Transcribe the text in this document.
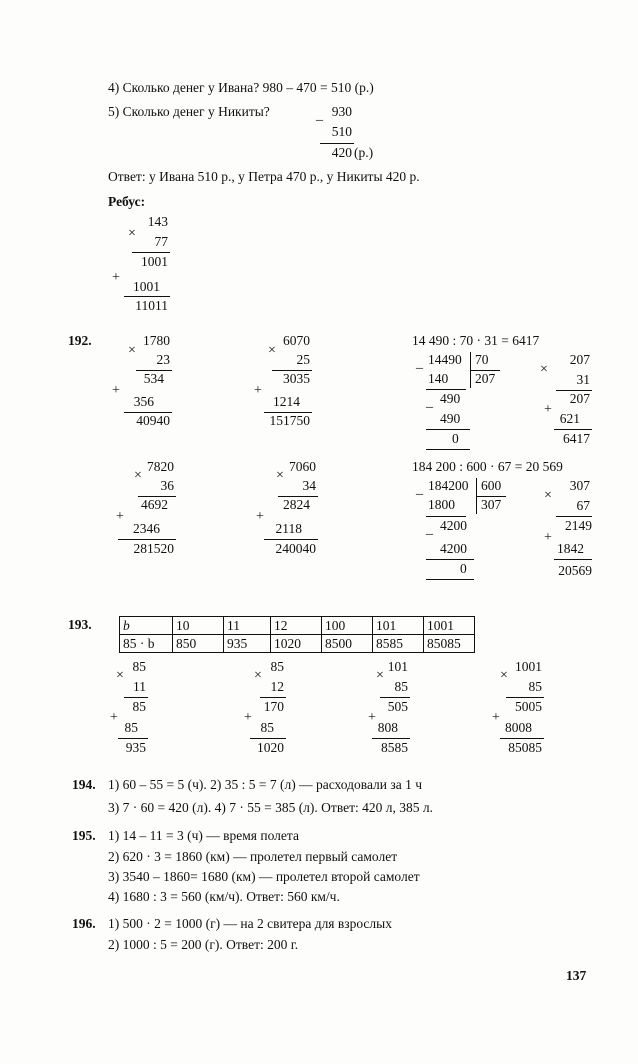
4) Сколько денег у Ивана? 980 – 470 = 510 (р.)
5) Сколько денег у Никиты?	_ 930
510
420 (р.)
Ответ: у Ивана 510 р., у Петра 470 р., у Никиты 420 р.
Ребус:
×
143
77
1001
+
1001
11011
192.
×
1780
23
534
+
356
40940
×
6070
25
3035
+
1214
151750
14 490 : 70 · 31 = 6417
_ 14490 70
140 207
_ 490
490
0
×
207
31
207
+
621
6417
×
7820
36
4692
+
2346
281520
×
7060
34
2824
+
2118
240040
184 200 : 600 · 67 = 20 569
_ 184200 600
1800 307
_ 4200
4200
0
×
307
67
2149
+
1842
20569
193. b	10	11	12	100	101	1001
85 · b	850	935	1020	8500	8585	85085
×
85
11
85
+
85
935
×
85
12
170
+
85
1020
×
101
85
505
+
808
8585
×
1001
85
5005
+
8008
85085
194. 1) 60 – 55 = 5 (ч). 2) 35 : 5 = 7 (л) — расходовали за 1 ч
3) 7 · 60 = 420 (л). 4) 7 · 55 = 385 (л). Ответ: 420 л, 385 л.
195. 1) 14 – 11 = 3 (ч) — время полета
2) 620 · 3 = 1860 (км) — пролетел первый самолет
3) 3540 – 1860= 1680 (км) — пролетел второй самолет
4) 1680 : 3 = 560 (км/ч). Ответ: 560 км/ч.
196. 1) 500 · 2 = 1000 (г) — на 2 свитера для взрослых
2) 1000 : 5 = 200 (г). Ответ: 200 г.
137
